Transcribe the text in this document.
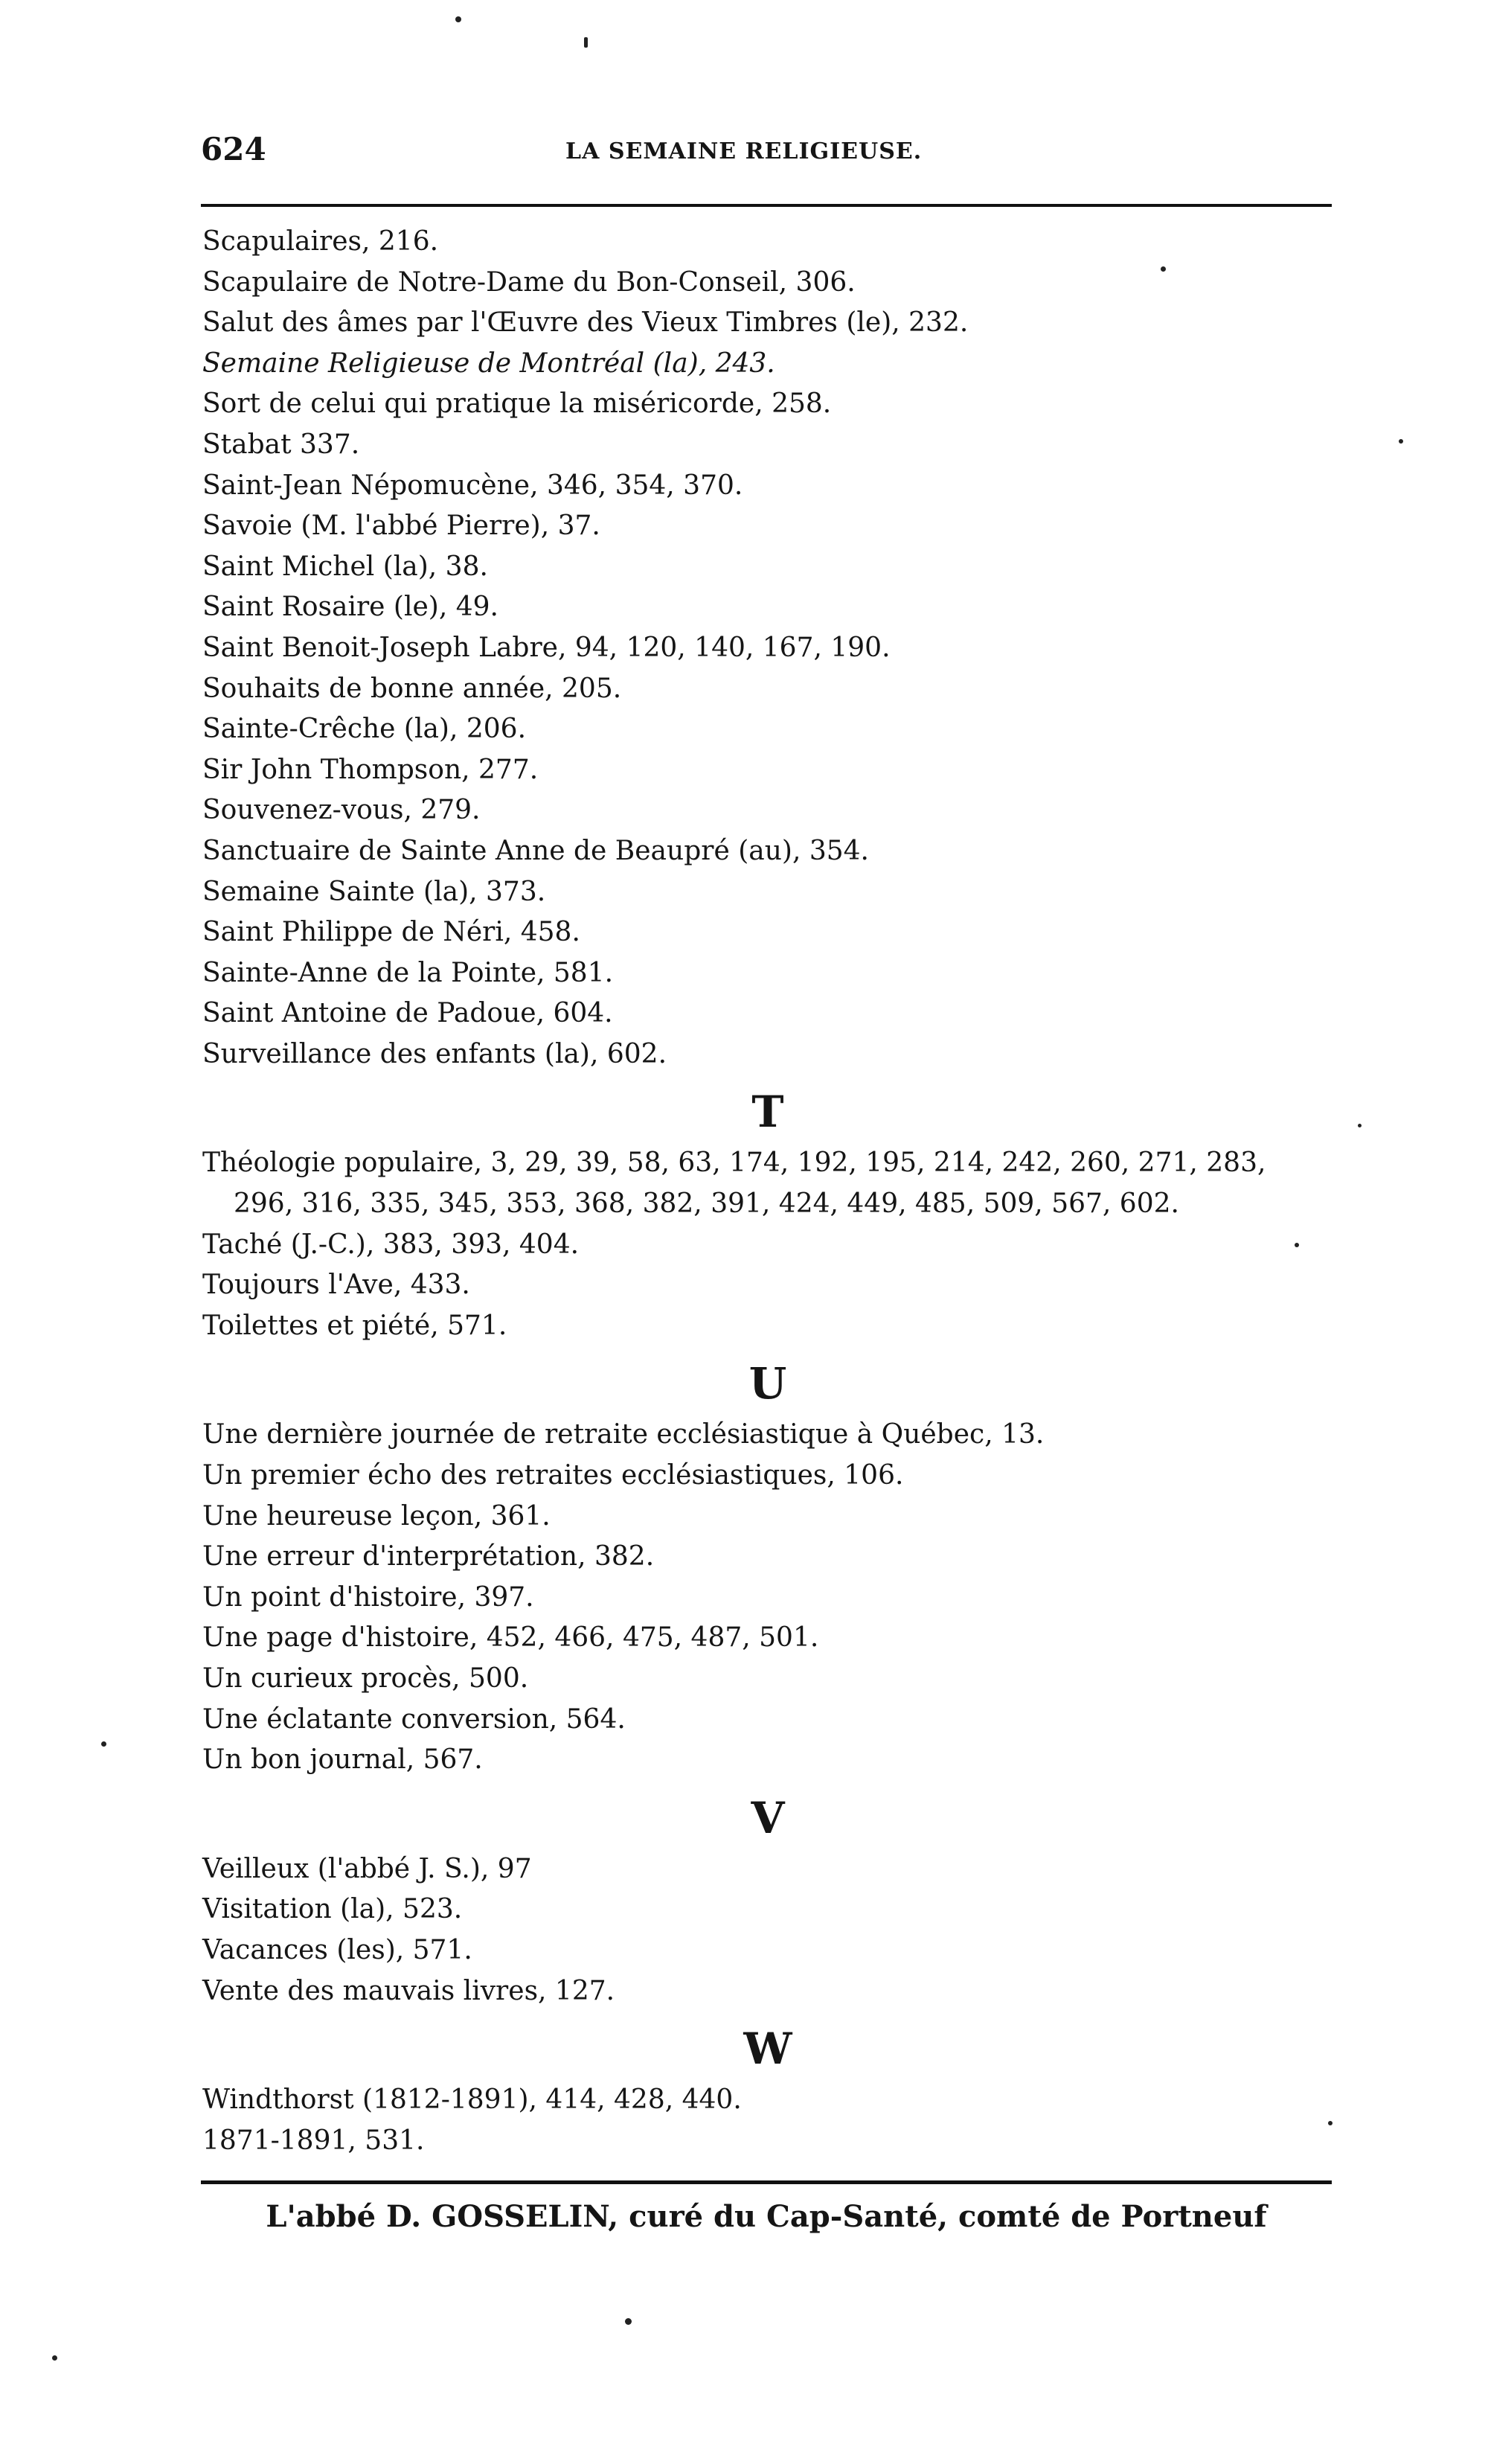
624	LA SEMAINE RELIGIEUSE.
Scapulaires, 216.
Scapulaire de Notre-Dame du Bon-Conseil, 306.
Salut des âmes par l'Œuvre des Vieux Timbres (le), 232.
Semaine Religieuse de Montréal (la), 243.
Sort de celui qui pratique la miséricorde, 258.
Stabat 337.
Saint-Jean Népomucène, 346, 354, 370.
Savoie (M. l'abbé Pierre), 37.
Saint Michel (la), 38.
Saint Rosaire (le), 49.
Saint Benoit-Joseph Labre, 94, 120, 140, 167, 190.
Souhaits de bonne année, 205.
Sainte-Crêche (la), 206.
Sir John Thompson, 277.
Souvenez-vous, 279.
Sanctuaire de Sainte Anne de Beaupré (au), 354.
Semaine Sainte (la), 373.
Saint Philippe de Néri, 458.
Sainte-Anne de la Pointe, 581.
Saint Antoine de Padoue, 604.
Surveillance des enfants (la), 602.
T
Théologie populaire, 3, 29, 39, 58, 63, 174, 192, 195, 214, 242, 260, 271, 283,
296, 316, 335, 345, 353, 368, 382, 391, 424, 449, 485, 509, 567, 602.
Taché (J.-C.), 383, 393, 404.
Toujours l'Ave, 433.
Toilettes et piété, 571.
U
Une dernière journée de retraite ecclésiastique à Québec, 13.
Un premier écho des retraites ecclésiastiques, 106.
Une heureuse leçon, 361.
Une erreur d'interprétation, 382.
Un point d'histoire, 397.
Une page d'histoire, 452, 466, 475, 487, 501.
Un curieux procès, 500.
Une éclatante conversion, 564.
Un bon journal, 567.
V
Veilleux (l'abbé J. S.), 97
Visitation (la), 523.
Vacances (les), 571.
Vente des mauvais livres, 127.
W
Windthorst (1812-1891), 414, 428, 440.
1871-1891, 531.
L'abbé D. GOSSELIN, curé du Cap-Santé, comté de Portneuf
